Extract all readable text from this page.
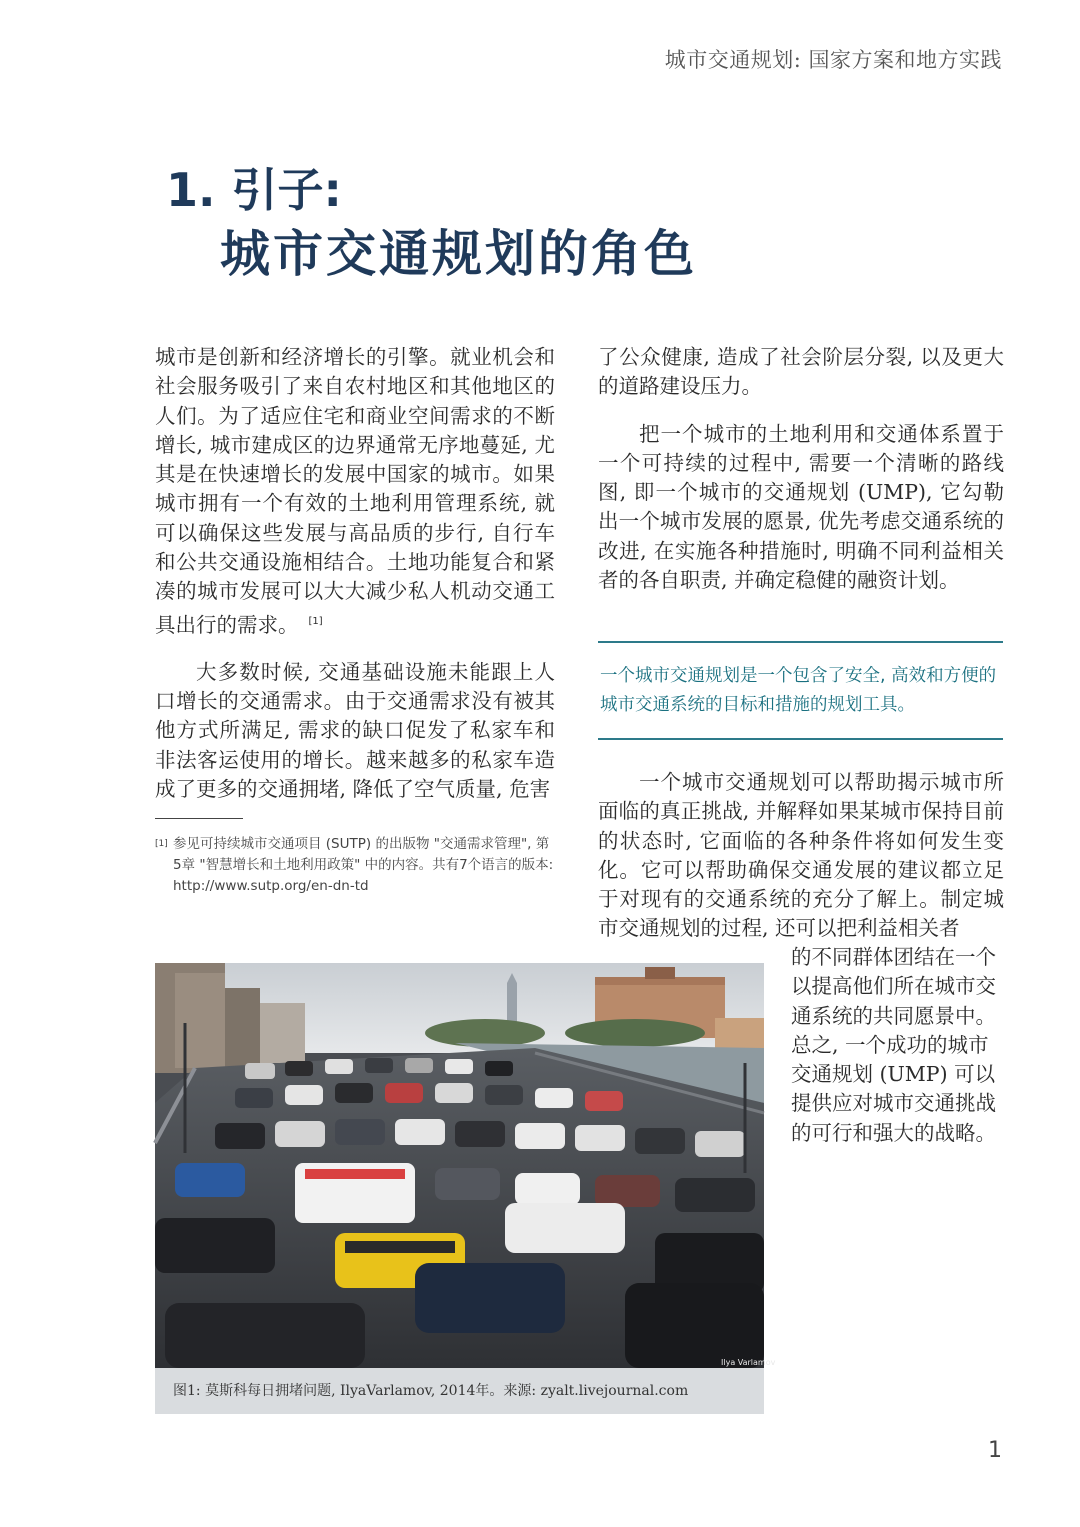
城市交通规划: 国家方案和地方实践
1. 引子:
城市交通规划的角色

城市是创新和经济增长的引擎。就业机会和社会服务吸引了来自农村地区和其他地区的人们。为了适应住宅和商业空间需求的不断增长, 城市建成区的边界通常无序地蔓延, 尤其是在快速增长的发展中国家的城市。如果城市拥有一个有效的土地利用管理系统, 就可以确保这些发展与高品质的步行, 自行车和公共交通设施相结合。土地功能复合和紧凑的城市发展可以大大减少私人机动交通工具出行的需求。 [1]

大多数时候, 交通基础设施未能跟上人口增长的交通需求。由于交通需求没有被其他方式所满足, 需求的缺口促发了私家车和非法客运使用的增长。越来越多的私家车造成了更多的交通拥堵, 降低了空气质量, 危害

了公众健康, 造成了社会阶层分裂, 以及更大的道路建设压力。

把一个城市的土地利用和交通体系置于一个可持续的过程中, 需要一个清晰的路线图, 即一个城市的交通规划 (UMP), 它勾勒出一个城市发展的愿景, 优先考虑交通系统的改进, 在实施各种措施时, 明确不同利益相关者的各自职责, 并确定稳健的融资计划。

一个城市交通规划是一个包含了安全, 高效和方便的城市交通系统的目标和措施的规划工具。
[1] 参见可持续城市交通项目 (SUTP) 的出版物 "交通需求管理", 第5章 "智慧增长和土地利用政策" 中的内容。共有7个语言的版本: http://www.sutp.org/en-dn-td

一个城市交通规划可以帮助揭示城市所面临的真正挑战, 并解释如果某城市保持目前的状态时, 它面临的各种条件将如何发生变化。它可以帮助确保交通发展的建议都立足于对现有的交通系统的充分了解上。制定城市交通规划的过程, 还可以把利益相关者

的不同群体团结在一个以提高他们所在城市交通系统的共同愿景中。总之, 一个成功的城市交通规划 (UMP) 可以提供应对城市交通挑战的可行和强大的战略。
Ilya Varlamov
图1: 莫斯科每日拥堵问题, IlyaVarlamov, 2014年。来源: zyalt.livejournal.com
1
